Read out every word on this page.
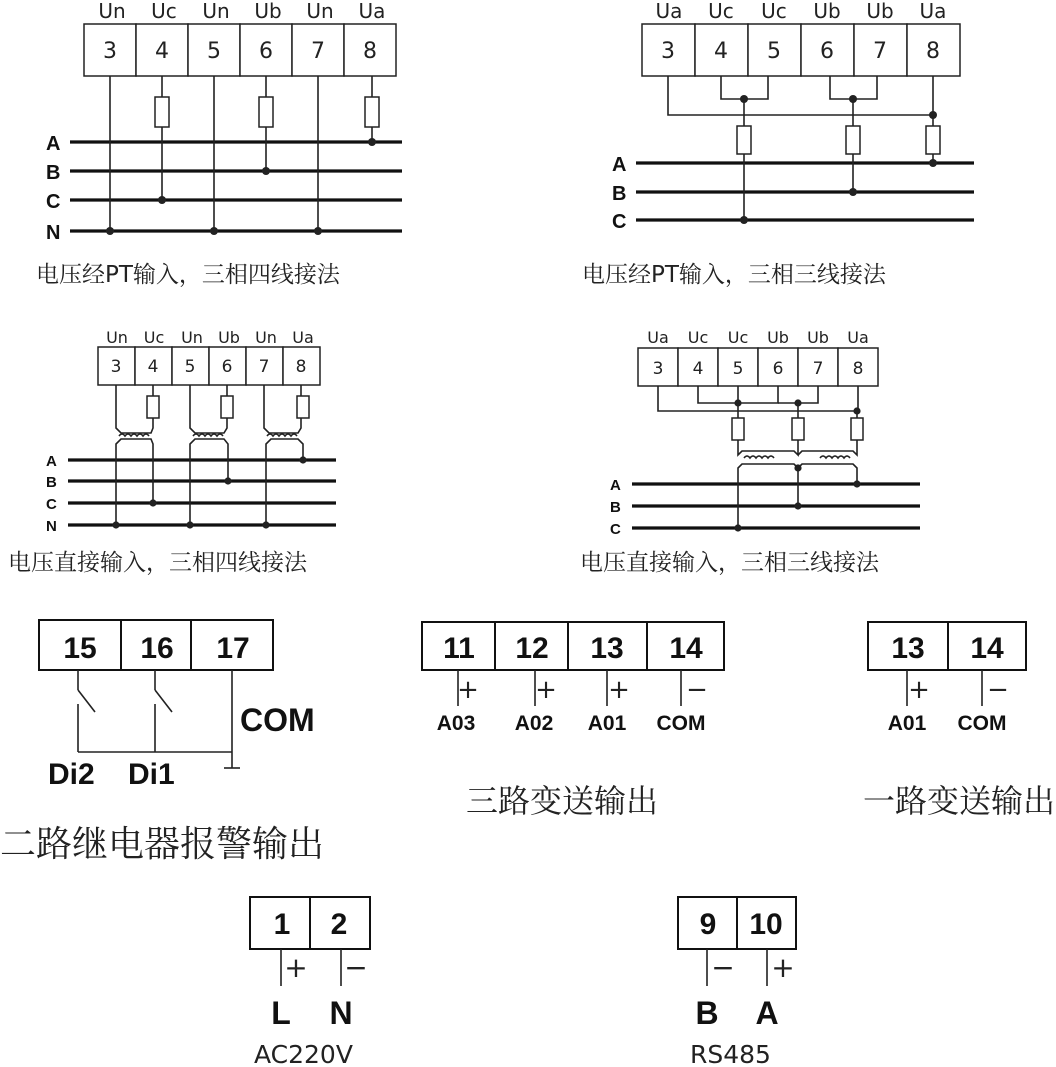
Un Uc Un Ub Un Ua
3 4 5 6 7 8
A
B
C
N
电压经PT输入，三相四线接法
Ua Uc Uc Ub Ub Ua
3 4 5 6 7 8
A
B
C
电压经PT输入，三相三线接法
Un Uc Un Ub Un Ua
3 4 5 6 7 8
A
B
C
N
电压直接输入，三相四线接法
Ua Uc Uc Ub Ub Ua
3 4 5 6 7 8
A
B
C
电压直接输入，三相三线接法
15 16 17
COM
Di2 Di1
二路继电器报警输出
11 12 13 14
+ + + −
A03 A02 A01 COM
三路变送输出
13 14
+ −
A01 COM
一路变送输出
1 2
+ −
L N
AC220V
9 10
− +
B A
RS485
